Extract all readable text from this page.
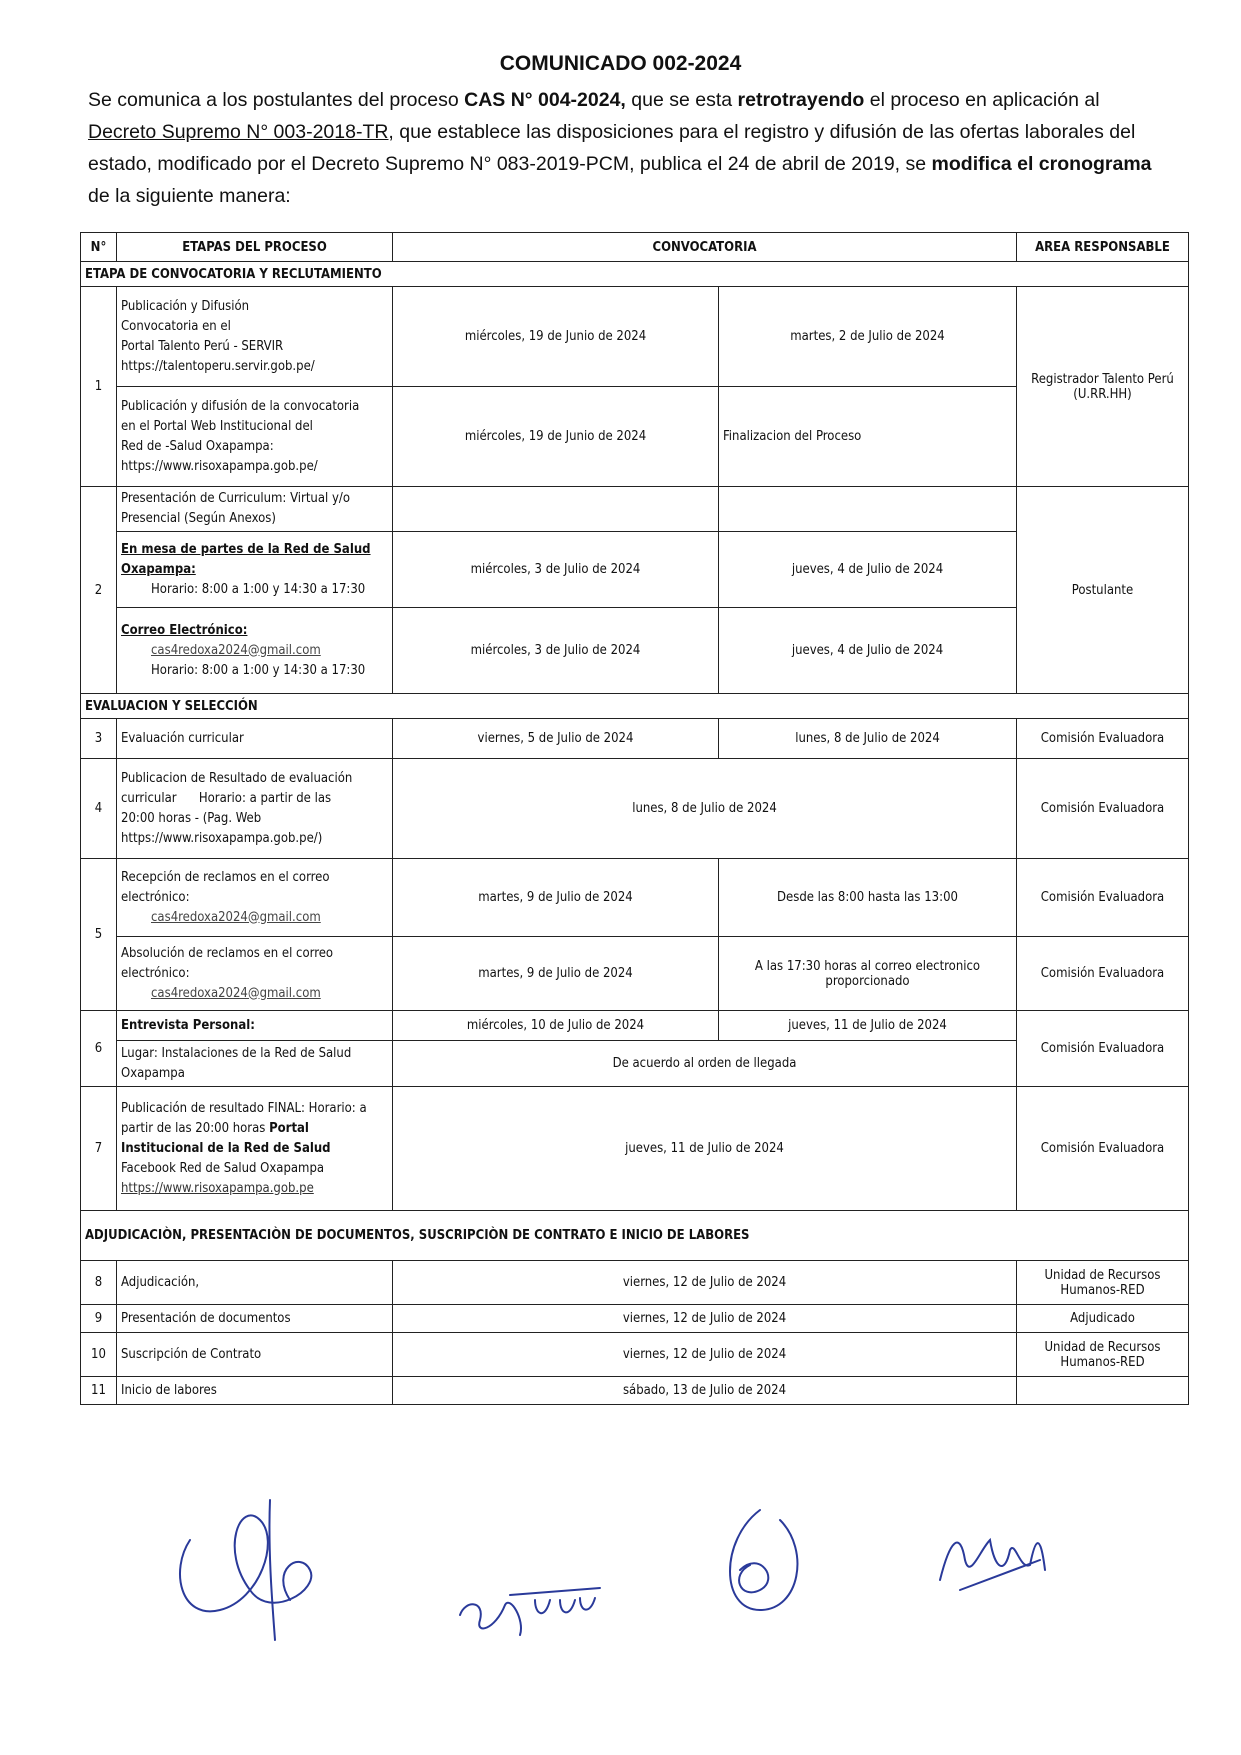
COMUNICADO 002-2024
Se comunica a los postulantes del proceso CAS N° 004-2024, que se esta retrotrayendo el proceso en aplicación al Decreto Supremo N° 003-2018-TR, que establece las disposiciones para el registro y difusión de las ofertas laborales del estado, modificado por el Decreto Supremo N° 083-2019-PCM, publica el 24 de abril de 2019, se modifica el cronograma de la siguiente manera:
N°	ETAPAS DEL PROCESO	CONVOCATORIA		AREA RESPONSABLE
ETAPA DE CONVOCATORIA Y RECLUTAMIENTO				
1	Publicación y Difusión
Convocatoria en el
Portal Talento Perú - SERVIR
https://talentoperu.servir.gob.pe/	miércoles, 19 de Junio de 2024	martes, 2 de Julio de 2024	Registrador Talento Perú (U.RR.HH)

	Publicación y difusión de la convocatoria
en el Portal Web Institucional del
Red de -Salud Oxapampa:
https://www.risoxapampa.gob.pe/	miércoles, 19 de Junio de 2024	Finalizacion del Proceso	
2	Presentación de Curriculum: Virtual y/o Presencial (Según Anexos)			Postulante

	En mesa de partes de la Red de Salud Oxapampa:
Horario: 8:00 a 1:00 y 14:30 a 17:30	miércoles, 3 de Julio de 2024	jueves, 4 de Julio de 2024	

	Correo Electrónico:
cas4redoxa2024@gmail.com
Horario: 8:00 a 1:00 y 14:30 a 17:30	miércoles, 3 de Julio de 2024	jueves, 4 de Julio de 2024	
EVALUACION Y SELECCIÓN				
3	Evaluación curricular	viernes, 5 de Julio de 2024	lunes, 8 de Julio de 2024	Comisión Evaluadora
4	Publicacion de Resultado de evaluación
curricular      Horario: a partir de las
20:00 horas - (Pag. Web
https://www.risoxapampa.gob.pe/)	lunes, 8 de Julio de 2024		Comisión Evaluadora
5	Recepción de reclamos en el correo electrónico:
cas4redoxa2024@gmail.com	martes, 9 de Julio de 2024	Desde las 8:00 hasta las 13:00	Comisión Evaluadora

	Absolución de reclamos en el correo electrónico:
cas4redoxa2024@gmail.com	martes, 9 de Julio de 2024	A las 17:30 horas al correo electronico proporcionado	Comisión Evaluadora
6	Entrevista Personal:	miércoles, 10 de Julio de 2024	jueves, 11 de Julio de 2024	Comisión Evaluadora
	Lugar: Instalaciones de la Red de Salud Oxapampa	De acuerdo al orden de llegada		
7	Publicación de resultado FINAL: Horario: a partir de las 20:00 horas Portal Institucional de la Red de Salud
Facebook Red de Salud Oxapampa
https://www.risoxapampa.gob.pe	jueves, 11 de Julio de 2024		Comisión Evaluadora
ADJUDICACIÒN, PRESENTACIÒN DE DOCUMENTOS, SUSCRIPCIÒN DE CONTRATO E INICIO DE LABORES				
8	Adjudicación,	viernes, 12 de Julio de 2024		Unidad de Recursos Humanos-RED
9	Presentación de documentos	viernes, 12 de Julio de 2024		Adjudicado
10	Suscripción de Contrato	viernes, 12 de Julio de 2024		Unidad de Recursos Humanos-RED
11	Inicio de labores	sábado, 13 de Julio de 2024		
